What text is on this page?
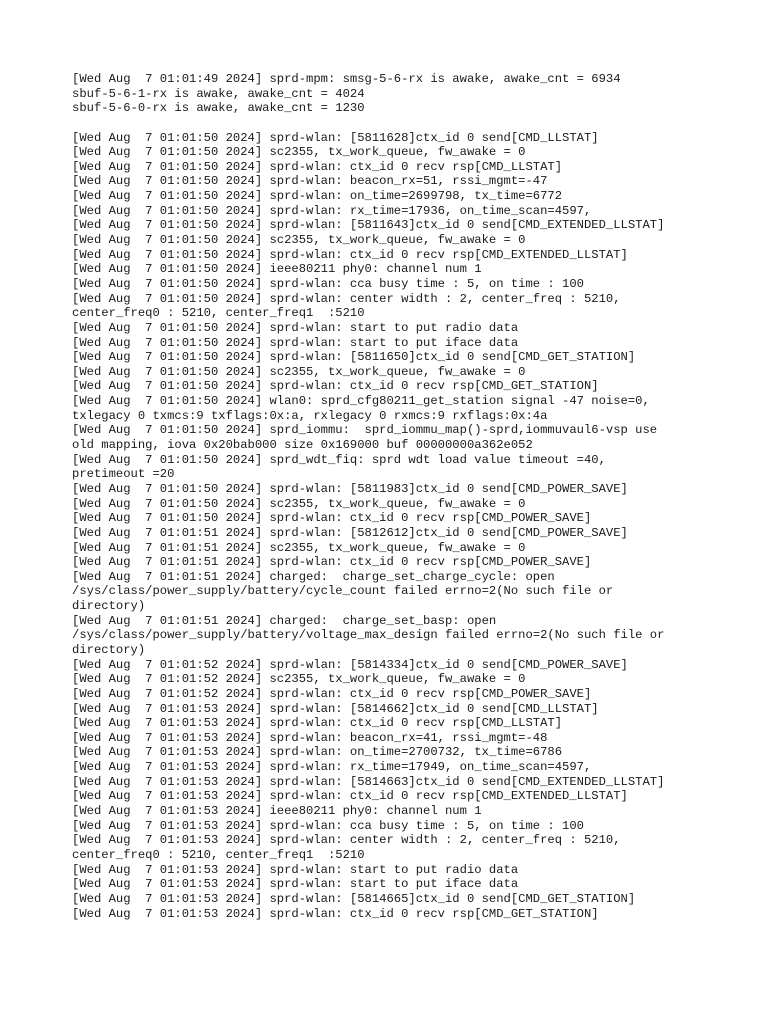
[Wed Aug  7 01:01:49 2024] sprd-mpm: smsg-5-6-rx is awake, awake_cnt = 6934
sbuf-5-6-1-rx is awake, awake_cnt = 4024
sbuf-5-6-0-rx is awake, awake_cnt = 1230
[Wed Aug  7 01:01:50 2024] sprd-wlan: [5811628]ctx_id 0 send[CMD_LLSTAT]
[Wed Aug  7 01:01:50 2024] sc2355, tx_work_queue, fw_awake = 0
[Wed Aug  7 01:01:50 2024] sprd-wlan: ctx_id 0 recv rsp[CMD_LLSTAT]
[Wed Aug  7 01:01:50 2024] sprd-wlan: beacon_rx=51, rssi_mgmt=-47
[Wed Aug  7 01:01:50 2024] sprd-wlan: on_time=2699798, tx_time=6772
[Wed Aug  7 01:01:50 2024] sprd-wlan: rx_time=17936, on_time_scan=4597,
[Wed Aug  7 01:01:50 2024] sprd-wlan: [5811643]ctx_id 0 send[CMD_EXTENDED_LLSTAT]
[Wed Aug  7 01:01:50 2024] sc2355, tx_work_queue, fw_awake = 0
[Wed Aug  7 01:01:50 2024] sprd-wlan: ctx_id 0 recv rsp[CMD_EXTENDED_LLSTAT]
[Wed Aug  7 01:01:50 2024] ieee80211 phy0: channel num 1
[Wed Aug  7 01:01:50 2024] sprd-wlan: cca busy time : 5, on time : 100
[Wed Aug  7 01:01:50 2024] sprd-wlan: center width : 2, center_freq : 5210,
center_freq0 : 5210, center_freq1  :5210
[Wed Aug  7 01:01:50 2024] sprd-wlan: start to put radio data
[Wed Aug  7 01:01:50 2024] sprd-wlan: start to put iface data
[Wed Aug  7 01:01:50 2024] sprd-wlan: [5811650]ctx_id 0 send[CMD_GET_STATION]
[Wed Aug  7 01:01:50 2024] sc2355, tx_work_queue, fw_awake = 0
[Wed Aug  7 01:01:50 2024] sprd-wlan: ctx_id 0 recv rsp[CMD_GET_STATION]
[Wed Aug  7 01:01:50 2024] wlan0: sprd_cfg80211_get_station signal -47 noise=0,
txlegacy 0 txmcs:9 txflags:0x:a, rxlegacy 0 rxmcs:9 rxflags:0x:4a
[Wed Aug  7 01:01:50 2024] sprd_iommu:  sprd_iommu_map()-sprd,iommuvaul6-vsp use
old mapping, iova 0x20bab000 size 0x169000 buf 00000000a362e052
[Wed Aug  7 01:01:50 2024] sprd_wdt_fiq: sprd wdt load value timeout =40,
pretimeout =20
[Wed Aug  7 01:01:50 2024] sprd-wlan: [5811983]ctx_id 0 send[CMD_POWER_SAVE]
[Wed Aug  7 01:01:50 2024] sc2355, tx_work_queue, fw_awake = 0
[Wed Aug  7 01:01:50 2024] sprd-wlan: ctx_id 0 recv rsp[CMD_POWER_SAVE]
[Wed Aug  7 01:01:51 2024] sprd-wlan: [5812612]ctx_id 0 send[CMD_POWER_SAVE]
[Wed Aug  7 01:01:51 2024] sc2355, tx_work_queue, fw_awake = 0
[Wed Aug  7 01:01:51 2024] sprd-wlan: ctx_id 0 recv rsp[CMD_POWER_SAVE]
[Wed Aug  7 01:01:51 2024] charged:  charge_set_charge_cycle: open
/sys/class/power_supply/battery/cycle_count failed errno=2(No such file or
directory)
[Wed Aug  7 01:01:51 2024] charged:  charge_set_basp: open
/sys/class/power_supply/battery/voltage_max_design failed errno=2(No such file or
directory)
[Wed Aug  7 01:01:52 2024] sprd-wlan: [5814334]ctx_id 0 send[CMD_POWER_SAVE]
[Wed Aug  7 01:01:52 2024] sc2355, tx_work_queue, fw_awake = 0
[Wed Aug  7 01:01:52 2024] sprd-wlan: ctx_id 0 recv rsp[CMD_POWER_SAVE]
[Wed Aug  7 01:01:53 2024] sprd-wlan: [5814662]ctx_id 0 send[CMD_LLSTAT]
[Wed Aug  7 01:01:53 2024] sprd-wlan: ctx_id 0 recv rsp[CMD_LLSTAT]
[Wed Aug  7 01:01:53 2024] sprd-wlan: beacon_rx=41, rssi_mgmt=-48
[Wed Aug  7 01:01:53 2024] sprd-wlan: on_time=2700732, tx_time=6786
[Wed Aug  7 01:01:53 2024] sprd-wlan: rx_time=17949, on_time_scan=4597,
[Wed Aug  7 01:01:53 2024] sprd-wlan: [5814663]ctx_id 0 send[CMD_EXTENDED_LLSTAT]
[Wed Aug  7 01:01:53 2024] sprd-wlan: ctx_id 0 recv rsp[CMD_EXTENDED_LLSTAT]
[Wed Aug  7 01:01:53 2024] ieee80211 phy0: channel num 1
[Wed Aug  7 01:01:53 2024] sprd-wlan: cca busy time : 5, on time : 100
[Wed Aug  7 01:01:53 2024] sprd-wlan: center width : 2, center_freq : 5210,
center_freq0 : 5210, center_freq1  :5210
[Wed Aug  7 01:01:53 2024] sprd-wlan: start to put radio data
[Wed Aug  7 01:01:53 2024] sprd-wlan: start to put iface data
[Wed Aug  7 01:01:53 2024] sprd-wlan: [5814665]ctx_id 0 send[CMD_GET_STATION]
[Wed Aug  7 01:01:53 2024] sprd-wlan: ctx_id 0 recv rsp[CMD_GET_STATION]
